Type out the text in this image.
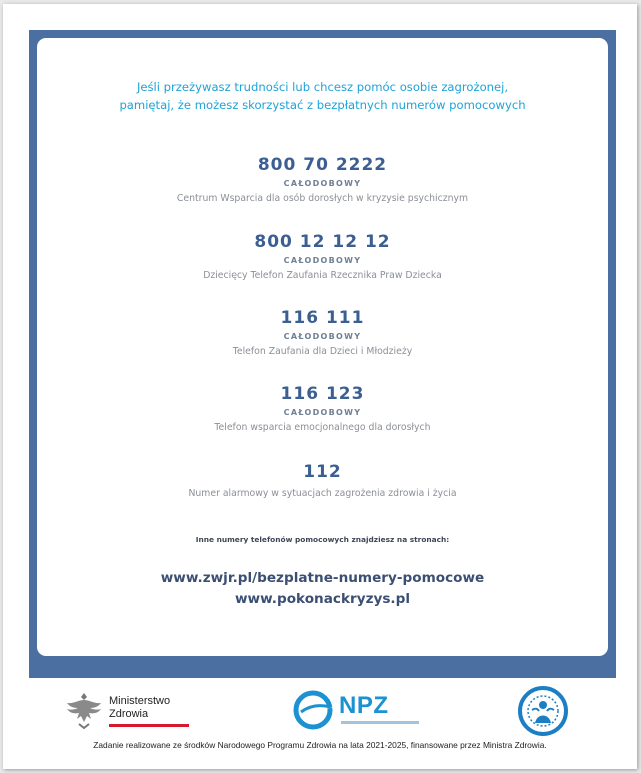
Jeśli przeżywasz trudności lub chcesz pomóc osobie zagrożonej,
pamiętaj, że możesz skorzystać z bezpłatnych numerów pomocowych
800 70 2222
CAŁODOBOWY
Centrum Wsparcia dla osób dorosłych w kryzysie psychicznym
800 12 12 12
CAŁODOBOWY
Dziecięcy Telefon Zaufania Rzecznika Praw Dziecka
116 111
CAŁODOBOWY
Telefon Zaufania dla Dzieci i Młodzieży
116 123
CAŁODOBOWY
Telefon wsparcia emocjonalnego dla dorosłych
112
Numer alarmowy w sytuacjach zagrożenia zdrowia i życia
Inne numery telefonów pomocowych znajdziesz na stronach:
www.zwjr.pl/bezplatne-numery-pomocowe
www.pokonackryzys.pl
Ministerstwo
Zdrowia	NPZ
Zadanie realizowane ze środków Narodowego Programu Zdrowia na lata 2021-2025, finansowane przez Ministra Zdrowia.
